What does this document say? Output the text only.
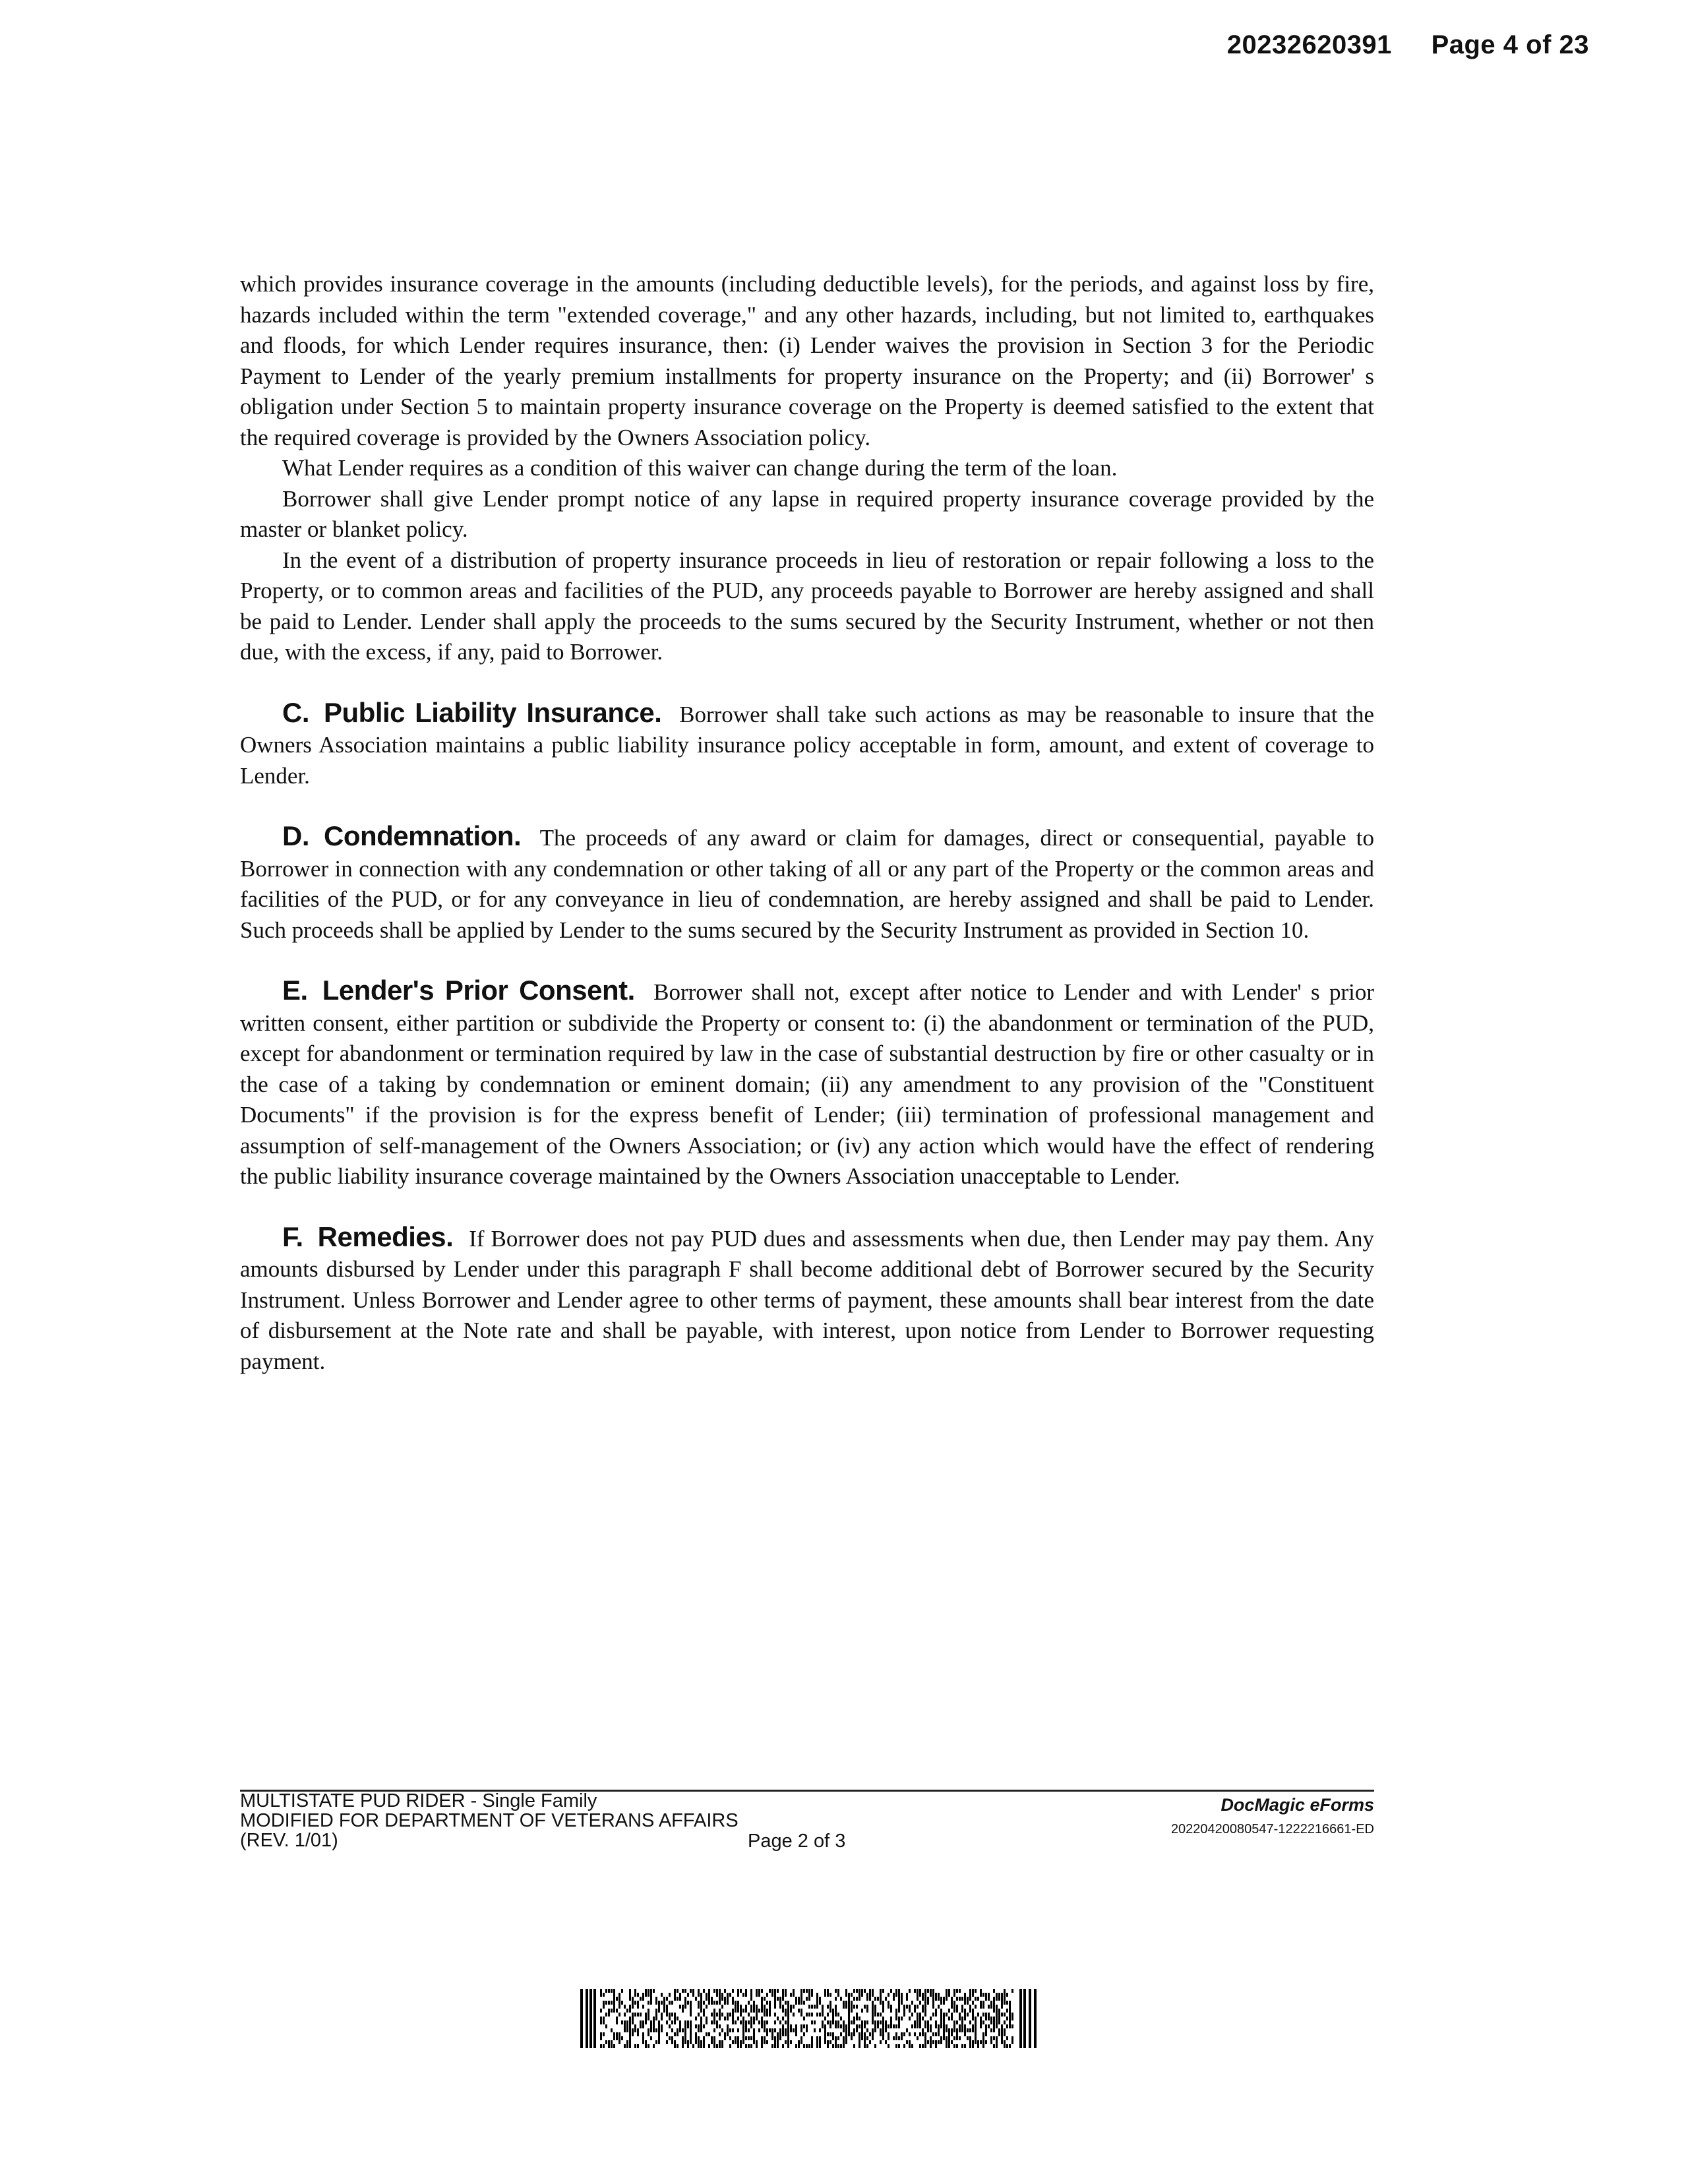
20232620391 Page 4 of 23

which provides insurance coverage in the amounts (including deductible levels), for the periods, and against loss by fire, hazards included within the term "extended coverage," and any other hazards, including, but not limited to, earthquakes and floods, for which Lender requires insurance, then: (i) Lender waives the provision in Section 3 for the Periodic Payment to Lender of the yearly premium installments for property insurance on the Property; and (ii) Borrower' s obligation under Section 5 to maintain property insurance coverage on the Property is deemed satisfied to the extent that the required coverage is provided by the Owners Association policy.

What Lender requires as a condition of this waiver can change during the term of the loan.

Borrower shall give Lender prompt notice of any lapse in required property insurance coverage provided by the master or blanket policy.

In the event of a distribution of property insurance proceeds in lieu of restoration or repair following a loss to the Property, or to common areas and facilities of the PUD, any proceeds payable to Borrower are hereby assigned and shall be paid to Lender. Lender shall apply the proceeds to the sums secured by the Security Instrument, whether or not then due, with the excess, if any, paid to Borrower.

C. Public Liability Insurance. Borrower shall take such actions as may be reasonable to insure that the Owners Association maintains a public liability insurance policy acceptable in form, amount, and extent of coverage to Lender.

D. Condemnation. The proceeds of any award or claim for damages, direct or consequential, payable to Borrower in connection with any condemnation or other taking of all or any part of the Property or the common areas and facilities of the PUD, or for any conveyance in lieu of condemnation, are hereby assigned and shall be paid to Lender. Such proceeds shall be applied by Lender to the sums secured by the Security Instrument as provided in Section 10.

E. Lender's Prior Consent. Borrower shall not, except after notice to Lender and with Lender' s prior written consent, either partition or subdivide the Property or consent to: (i) the abandonment or termination of the PUD, except for abandonment or termination required by law in the case of substantial destruction by fire or other casualty or in the case of a taking by condemnation or eminent domain; (ii) any amendment to any provision of the "Constituent Documents" if the provision is for the express benefit of Lender; (iii) termination of professional management and assumption of self-management of the Owners Association; or (iv) any action which would have the effect of rendering the public liability insurance coverage maintained by the Owners Association unacceptable to Lender.

F. Remedies. If Borrower does not pay PUD dues and assessments when due, then Lender may pay them. Any amounts disbursed by Lender under this paragraph F shall become additional debt of Borrower secured by the Security Instrument. Unless Borrower and Lender agree to other terms of payment, these amounts shall bear interest from the date of disbursement at the Note rate and shall be payable, with interest, upon notice from Lender to Borrower requesting payment.

MULTISTATE PUD RIDER - Single Family
MODIFIED FOR DEPARTMENT OF VETERANS AFFAIRS
(REV. 1/01)	Page 2 of 3
DocMagic eForms
20220420080547-1222216661-ED
